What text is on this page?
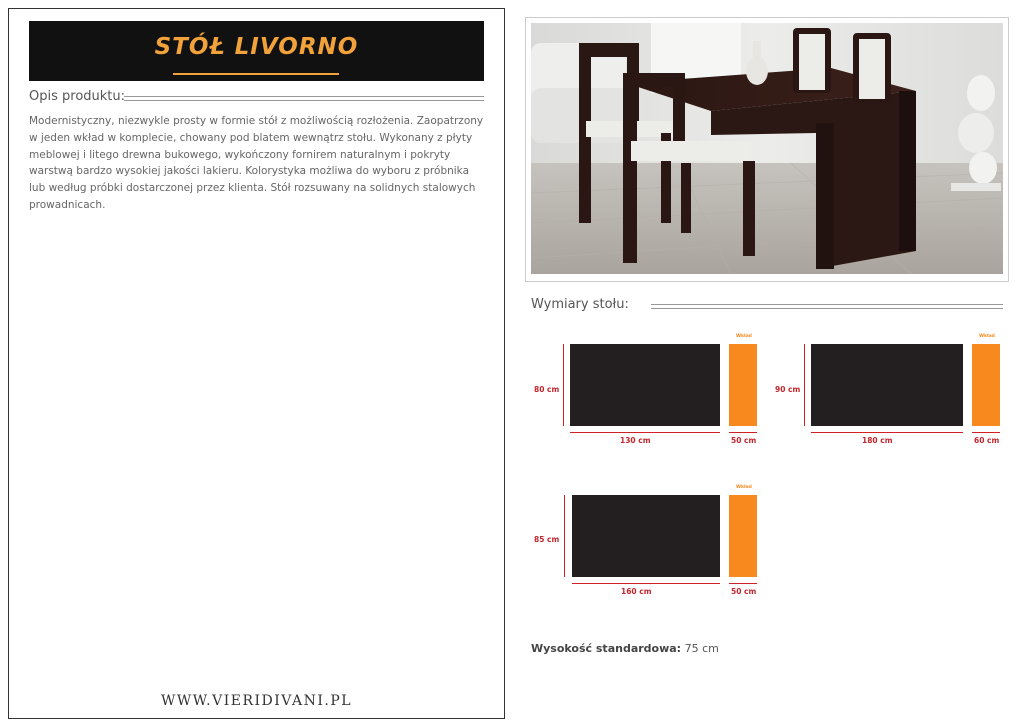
STÓŁ LIVORNO
Opis produktu:
Modernistyczny, niezwykle prosty w formie stół z możliwością rozłożenia. Zaopatrzony w jeden wkład w komplecie, chowany pod blatem wewnątrz stołu. Wykonany z płyty meblowej i litego drewna bukowego, wykończony fornirem naturalnym i pokryty warstwą bardzo wysokiej jakości lakieru. Kolorystyka możliwa do wyboru z próbnika lub według próbki dostarczonej przez klienta. Stół rozsuwany na solidnych stalowych prowadnicach.
WWW.VIERIDIVANI.PL
Wymiary stołu:
80 cm
130 cm
Wkład
50 cm
90 cm
180 cm
Wkład
60 cm
85 cm
160 cm
Wkład
50 cm
Wysokość standardowa: 75 cm
